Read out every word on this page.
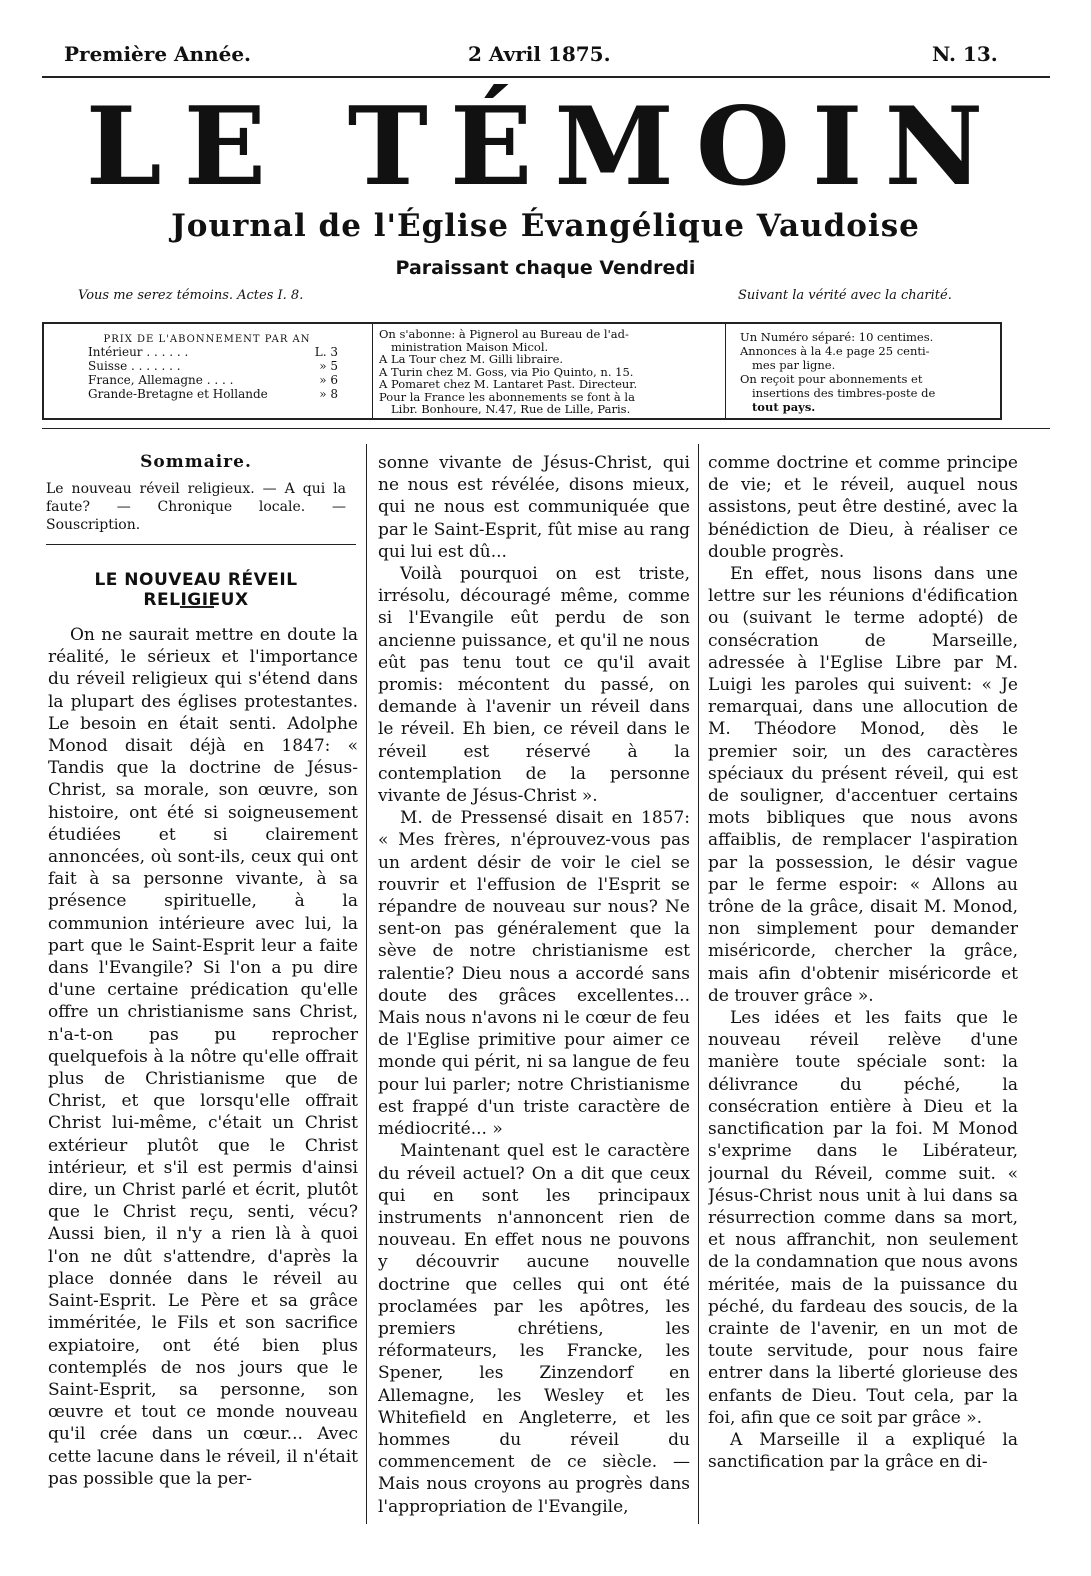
Première Année.	2 Avril 1875.	N. 13.
LE TÉMOIN
Journal de l'Église Évangélique Vaudoise
Paraissant chaque Vendredi
Vous me serez témoins. Actes I. 8.	Suivant la vérité avec la charité.
PRIX DE L'ABONNEMENT PAR AN
Intérieur . . . . . .	L. 3
Suisse . . . . . . .	» 5
France, Allemagne . . . .	» 6
Grande-Bretagne et Hollande	» 8
On s'abonne: à Pignerol au Bureau de l'ad-
ministration Maison Micol.
A La Tour chez M. Gilli libraire.
A Turin chez M. Goss, via Pio Quinto, n. 15.
A Pomaret chez M. Lantaret Past. Directeur.
Pour la France les abonnements se font à la
Libr. Bonhoure, N.47, Rue de Lille, Paris.
Un Numéro séparé: 10 centimes.
Annonces à la 4.e page 25 centi-
mes par ligne.
On reçoit pour abonnements et
insertions des timbres-poste de
tout pays.
Sommaire.
Le nouveau réveil religieux. — A qui la faute? — Chronique locale. — Souscription.
LE NOUVEAU RÉVEIL RELIGIEUX

On ne saurait mettre en doute la réalité, le sérieux et l'importance du réveil religieux qui s'étend dans la plupart des églises protestantes. Le besoin en était senti. Adolphe Monod disait déjà en 1847: « Tandis que la doctrine de Jésus-Christ, sa morale, son œuvre, son histoire, ont été si soigneusement étudiées et si clairement annoncées, où sont-ils, ceux qui ont fait à sa personne vivante, à sa présence spirituelle, à la communion intérieure avec lui, la part que le Saint-Esprit leur a faite dans l'Evangile? Si l'on a pu dire d'une certaine prédication qu'elle offre un christianisme sans Christ, n'a-t-on pas pu reprocher quelquefois à la nôtre qu'elle offrait plus de Christianisme que de Christ, et que lorsqu'elle offrait Christ lui-même, c'était un Christ extérieur plutôt que le Christ intérieur, et s'il est permis d'ainsi dire, un Christ parlé et écrit, plutôt que le Christ reçu, senti, vécu? Aussi bien, il n'y a rien là à quoi l'on ne dût s'attendre, d'après la place donnée dans le réveil au Saint-Esprit. Le Père et sa grâce imméritée, le Fils et son sacrifice expiatoire, ont été bien plus contemplés de nos jours que le Saint-Esprit, sa personne, son œuvre et tout ce monde nouveau qu'il crée dans un cœur... Avec cette lacune dans le réveil, il n'était pas possible que la per-

sonne vivante de Jésus-Christ, qui ne nous est révélée, disons mieux, qui ne nous est communiquée que par le Saint-Esprit, fût mise au rang qui lui est dû...

Voilà pourquoi on est triste, irrésolu, découragé même, comme si l'Evangile eût perdu de son ancienne puissance, et qu'il ne nous eût pas tenu tout ce qu'il avait promis: mécontent du passé, on demande à l'avenir un réveil dans le réveil. Eh bien, ce réveil dans le réveil est réservé à la contemplation de la personne vivante de Jésus-Christ ».

M. de Pressensé disait en 1857: « Mes frères, n'éprouvez-vous pas un ardent désir de voir le ciel se rouvrir et l'effusion de l'Esprit se répandre de nouveau sur nous? Ne sent-on pas généralement que la sève de notre christianisme est ralentie? Dieu nous a accordé sans doute des grâces excellentes... Mais nous n'avons ni le cœur de feu de l'Eglise primitive pour aimer ce monde qui périt, ni sa langue de feu pour lui parler; notre Christianisme est frappé d'un triste caractère de médiocrité... »

Maintenant quel est le caractère du réveil actuel? On a dit que ceux qui en sont les principaux instruments n'annoncent rien de nouveau. En effet nous ne pouvons y découvrir aucune nouvelle doctrine que celles qui ont été proclamées par les apôtres, les premiers chrétiens, les réformateurs, les Francke, les Spener, les Zinzendorf en Allemagne, les Wesley et les Whitefield en Angleterre, et les hommes du réveil du commencement de ce siècle. — Mais nous croyons au progrès dans l'appropriation de l'Evangile,

comme doctrine et comme principe de vie; et le réveil, auquel nous assistons, peut être destiné, avec la bénédiction de Dieu, à réaliser ce double progrès.

En effet, nous lisons dans une lettre sur les réunions d'édification ou (suivant le terme adopté) de consécration de Marseille, adressée à l'Eglise Libre par M. Luigi les paroles qui suivent: « Je remarquai, dans une allocution de M. Théodore Monod, dès le premier soir, un des caractères spéciaux du présent réveil, qui est de souligner, d'accentuer certains mots bibliques que nous avons affaiblis, de remplacer l'aspiration par la possession, le désir vague par le ferme espoir: « Allons au trône de la grâce, disait M. Monod, non simplement pour demander miséricorde, chercher la grâce, mais afin d'obtenir miséricorde et de trouver grâce ».

Les idées et les faits que le nouveau réveil relève d'une manière toute spéciale sont: la délivrance du péché, la consécration entière à Dieu et la sanctification par la foi. M Monod s'exprime dans le Libérateur, journal du Réveil, comme suit. « Jésus-Christ nous unit à lui dans sa résurrection comme dans sa mort, et nous affranchit, non seulement de la condamnation que nous avons méritée, mais de la puissance du péché, du fardeau des soucis, de la crainte de l'avenir, en un mot de toute servitude, pour nous faire entrer dans la liberté glorieuse des enfants de Dieu. Tout cela, par la foi, afin que ce soit par grâce ».

A Marseille il a expliqué la sanctification par la grâce en di-
